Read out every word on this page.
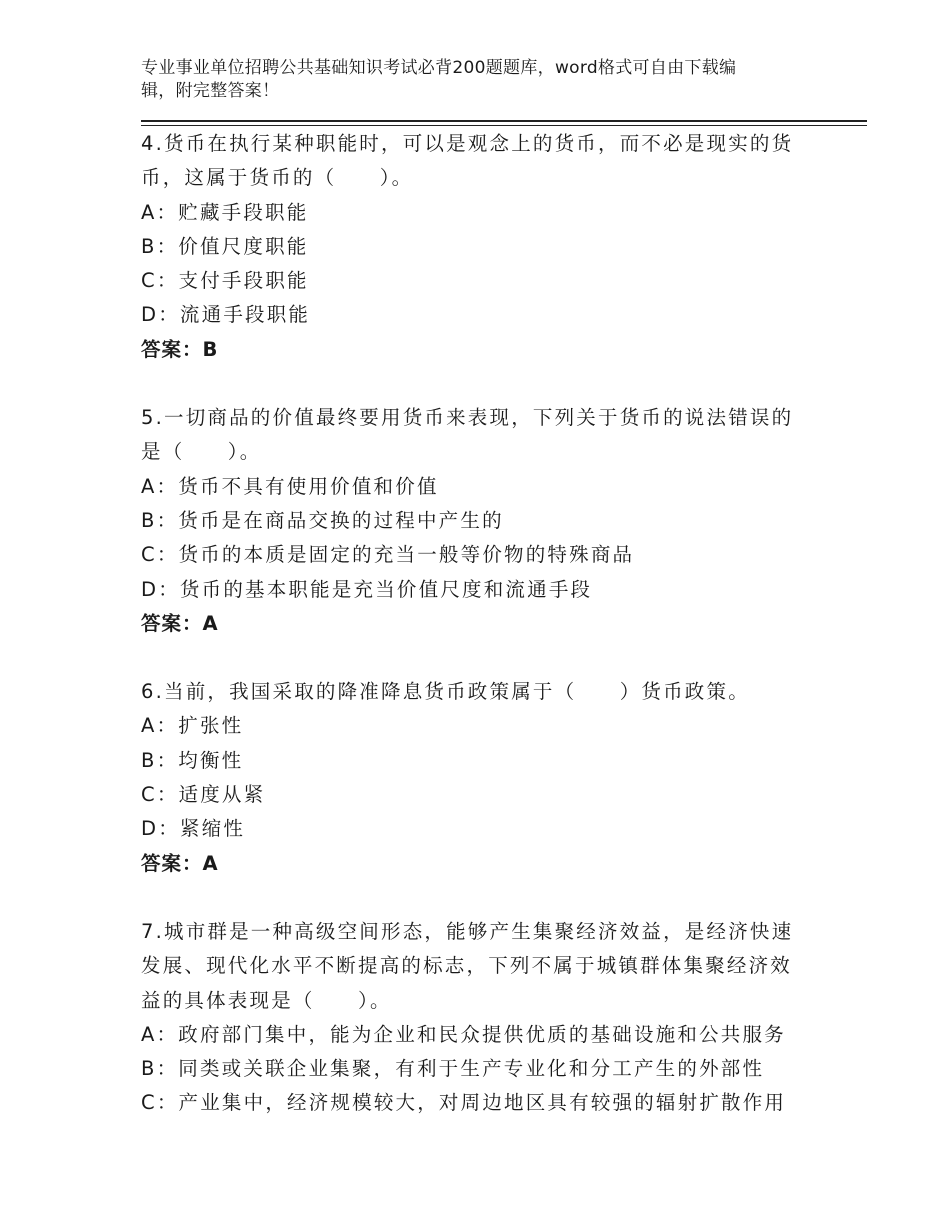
专业事业单位招聘公共基础知识考试必背200题题库，word格式可自由下载编
辑，附完整答案！
4.货币在执行某种职能时，可以是观念上的货币，而不必是现实的货
币，这属于货币的（　　）。
A：贮藏手段职能
B：价值尺度职能
C：支付手段职能
D：流通手段职能
答案：B
5.一切商品的价值最终要用货币来表现，下列关于货币的说法错误的
是（　　）。
A：货币不具有使用价值和价值
B：货币是在商品交换的过程中产生的
C：货币的本质是固定的充当一般等价物的特殊商品
D：货币的基本职能是充当价值尺度和流通手段
答案：A
6.当前，我国采取的降准降息货币政策属于（　　）货币政策。
A：扩张性
B：均衡性
C：适度从紧
D：紧缩性
答案：A
7.城市群是一种高级空间形态，能够产生集聚经济效益，是经济快速
发展、现代化水平不断提高的标志，下列不属于城镇群体集聚经济效
益的具体表现是（　　）。
A：政府部门集中，能为企业和民众提供优质的基础设施和公共服务
B：同类或关联企业集聚，有利于生产专业化和分工产生的外部性
C：产业集中，经济规模较大，对周边地区具有较强的辐射扩散作用
